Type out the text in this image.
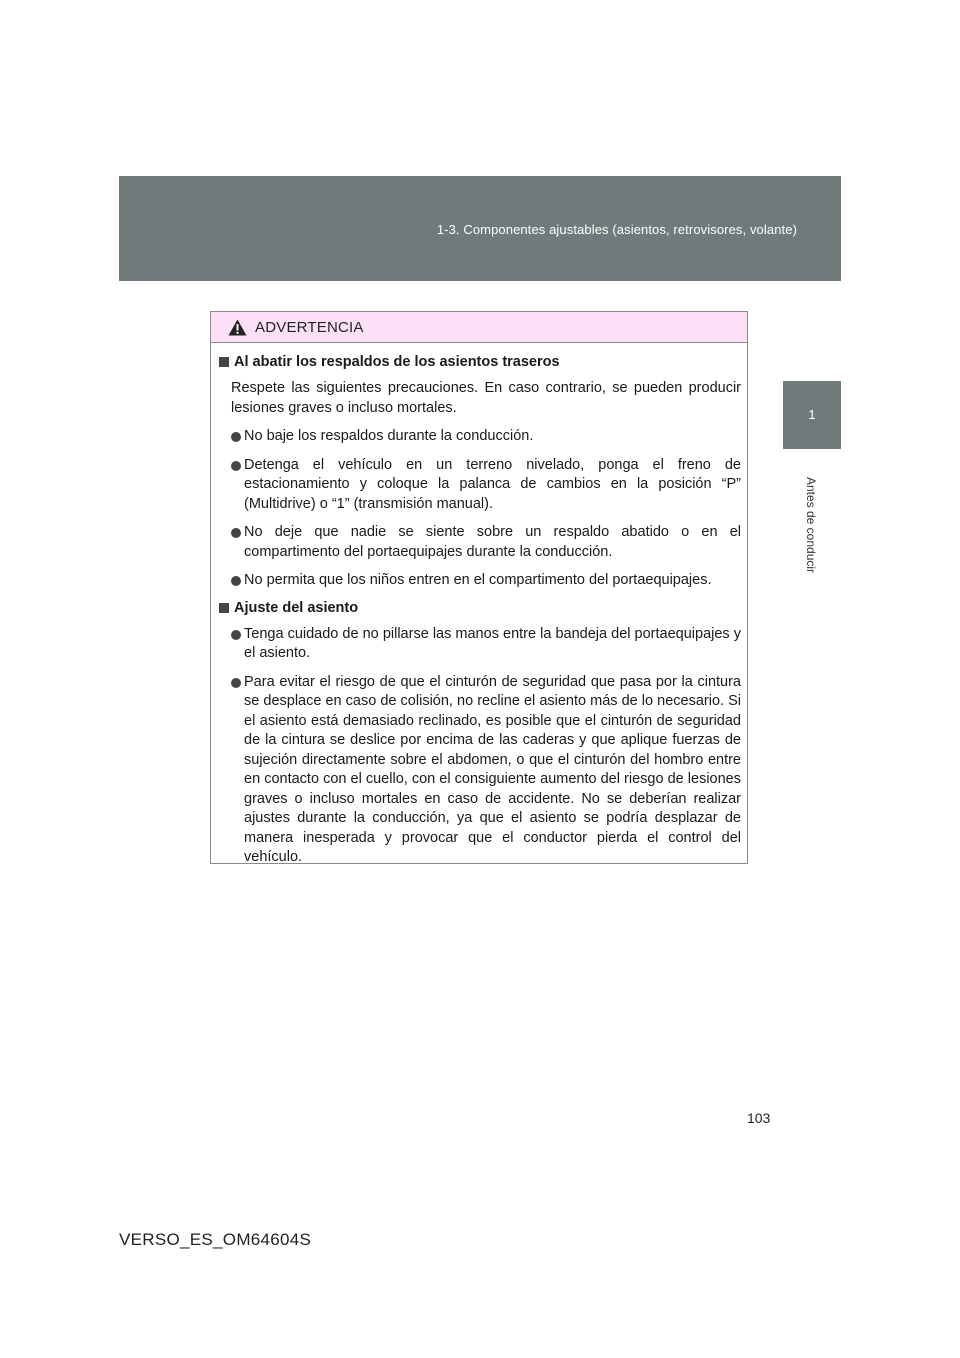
1-3. Componentes ajustables (asientos, retrovisores, volante)
1
Antes de conducir
ADVERTENCIA
Al abatir los respaldos de los asientos traseros

Respete las siguientes precauciones. En caso contrario, se pueden producir lesiones graves o incluso mortales.

No baje los respaldos durante la conducción.
Detenga el vehículo en un terreno nivelado, ponga el freno de estacionamiento y coloque la palanca de cambios en la posición “P” (Multidrive) o “1” (transmisión manual).
No deje que nadie se siente sobre un respaldo abatido o en el compartimento del portaequipajes durante la conducción.
No permita que los niños entren en el compartimento del portaequipajes.
Ajuste del asiento
Tenga cuidado de no pillarse las manos entre la bandeja del portaequipajes y el asiento.
Para evitar el riesgo de que el cinturón de seguridad que pasa por la cintura se desplace en caso de colisión, no recline el asiento más de lo necesario. Si el asiento está demasiado reclinado, es posible que el cinturón de seguridad de la cintura se deslice por encima de las caderas y que aplique fuerzas de sujeción directamente sobre el abdomen, o que el cinturón del hombro entre en contacto con el cuello, con el consiguiente aumento del riesgo de lesiones graves o incluso mortales en caso de accidente. No se deberían realizar ajustes durante la conducción, ya que el asiento se podría desplazar de manera inesperada y provocar que el conductor pierda el control del vehículo.
103
VERSO_ES_OM64604S
